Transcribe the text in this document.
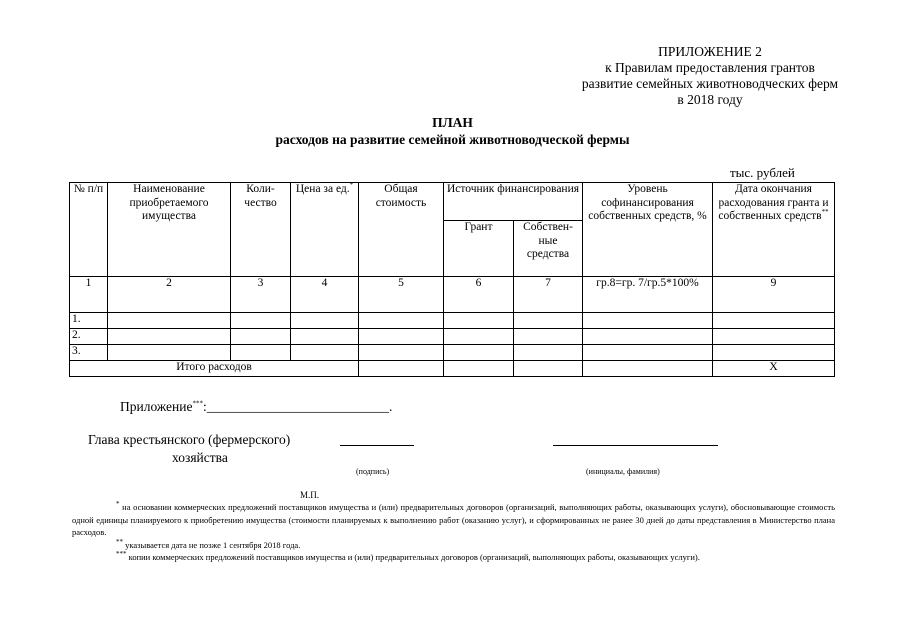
ПРИЛОЖЕНИЕ 2
к Правилам предоставления грантов
развитие семейных животноводческих ферм
в 2018 году
ПЛАН
расходов на развитие семейной животноводческой фермы
тыс. рублей
№ п/п	Наименование приобретаемого имущества	Коли-чество	Цена за ед.*	Общая стоимость	Источник финансирования		Уровень софинансирования собственных средств, %	Дата окончания расходования гранта и собственных средств**
					Грант	Собствен-ные средства		
1	2	3	4	5	6	7	гр.8=гр. 7/гр.5*100%	9
1.								
2.								
3.								
Итого расходов								Х
Приложение***:___________________________.
Глава крестьянского (фермерского)
хозяйства
(подпись)	(инициалы, фамилия)
М.П.

* на основании коммерческих предложений поставщиков имущества и (или) предварительных договоров (организаций, выполняющих работы, оказывающих услуги), обосновывающие стоимость одной единицы планируемого к приобретению имущества (стоимости планируемых к выполнению работ (оказанию услуг), и сформированных не ранее 30 дней до даты представления в Министерство плана расходов.

** указывается дата не позже 1 сентября 2018 года.

*** копии коммерческих предложений поставщиков имущества и (или) предварительных договоров (организаций, выполняющих работы, оказывающих услуги).
